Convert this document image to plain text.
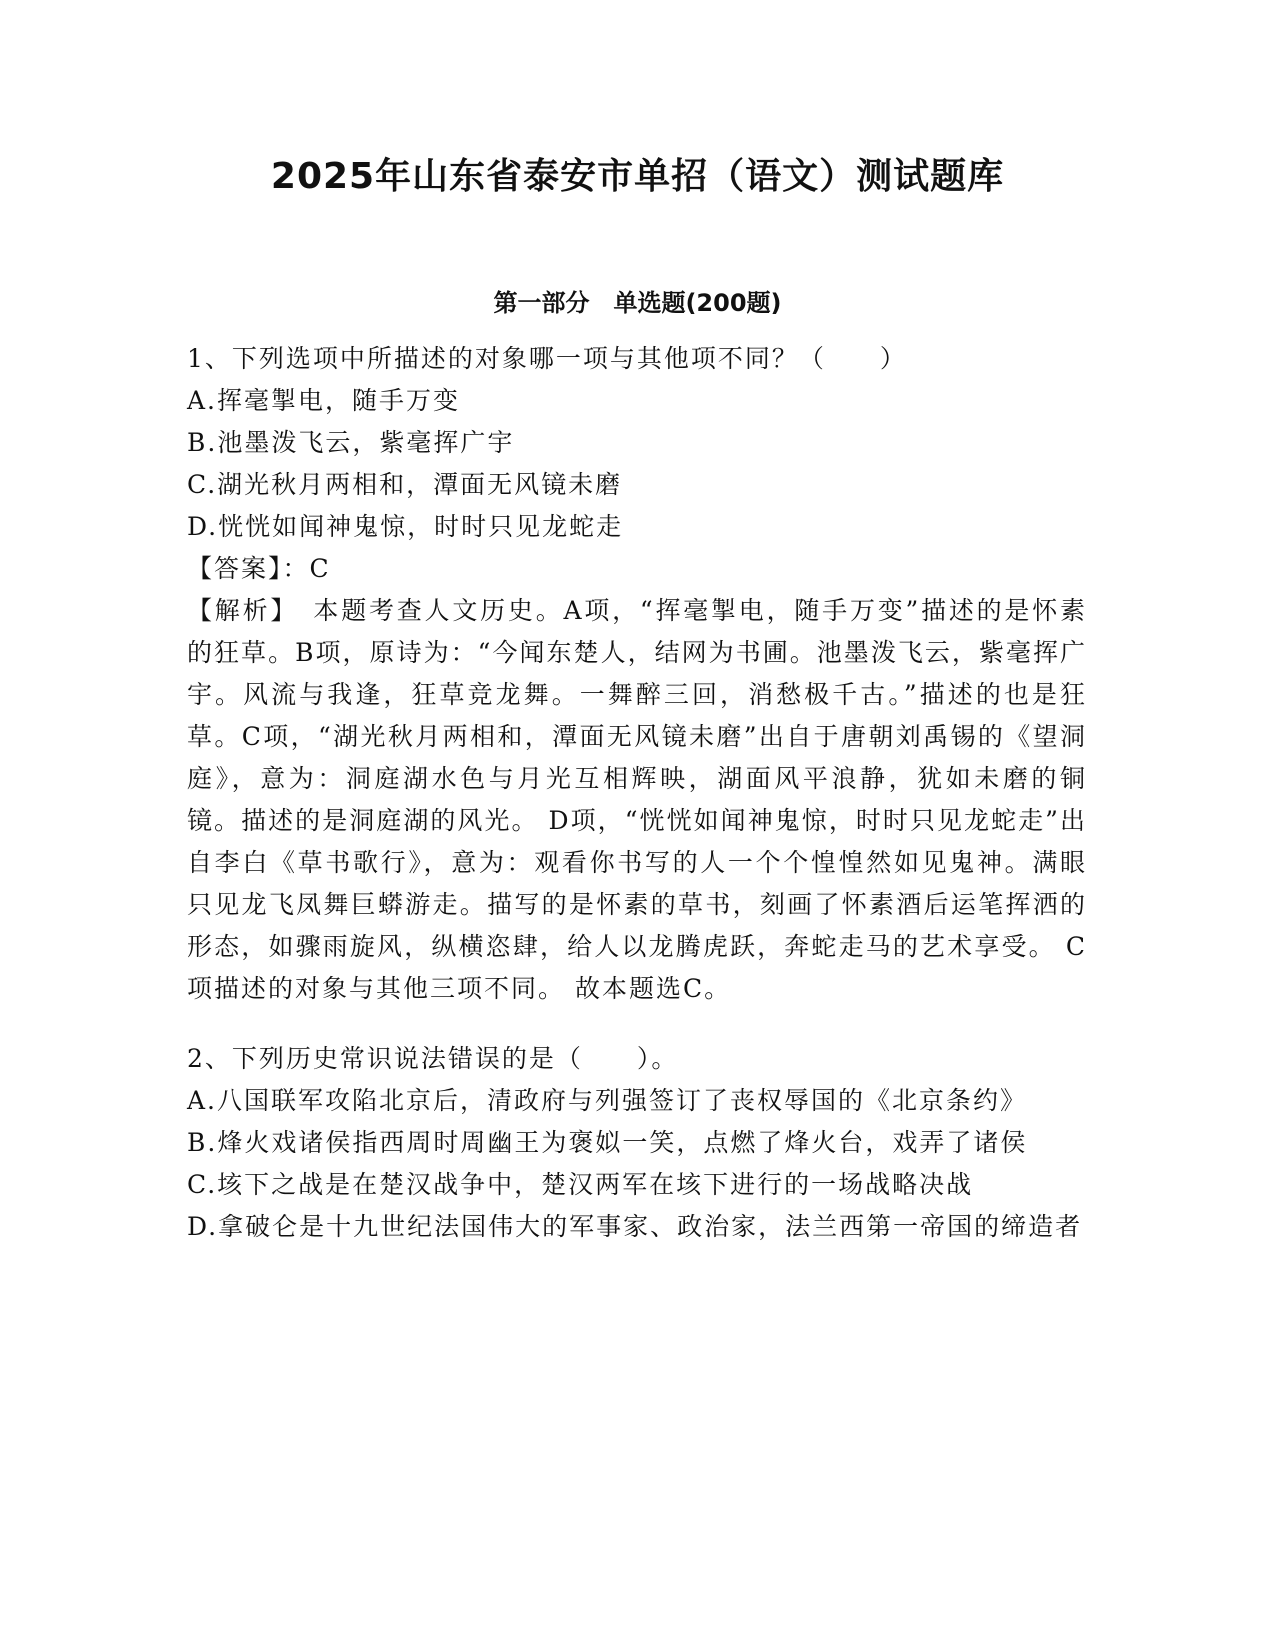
2025年山东省泰安市单招（语文）测试题库
第一部分　单选题(200题)

1、下列选项中所描述的对象哪一项与其他项不同？（　　）

A.挥毫掣电，随手万变

B.池墨泼飞云，紫毫挥广宇

C.湖光秋月两相和，潭面无风镜未磨

D.恍恍如闻神鬼惊，时时只见龙蛇走

【答案】：C

【解析】　本题考查人文历史。A项，“挥毫掣电，随手万变”描述的是怀素的狂草。B项，原诗为：“今闻东楚人，结网为书圃。池墨泼飞云，紫毫挥广宇。风流与我逢，狂草竞龙舞。一舞醉三回，消愁极千古。”描述的也是狂草。C项，“湖光秋月两相和，潭面无风镜未磨”出自于唐朝刘禹锡的《望洞庭》，意为：洞庭湖水色与月光互相辉映，湖面风平浪静，犹如未磨的铜镜。描述的是洞庭湖的风光。 D项，“恍恍如闻神鬼惊，时时只见龙蛇走”出自李白《草书歌行》，意为：观看你书写的人一个个惶惶然如见鬼神。满眼只见龙飞凤舞巨蟒游走。描写的是怀素的草书，刻画了怀素酒后运笔挥洒的形态，如骤雨旋风，纵横恣肆，给人以龙腾虎跃，奔蛇走马的艺术享受。 C项描述的对象与其他三项不同。 故本题选C。

2、下列历史常识说法错误的是（　　）。

A.八国联军攻陷北京后，清政府与列强签订了丧权辱国的《北京条约》

B.烽火戏诸侯指西周时周幽王为褒姒一笑，点燃了烽火台，戏弄了诸侯

C.垓下之战是在楚汉战争中，楚汉两军在垓下进行的一场战略决战

D.拿破仑是十九世纪法国伟大的军事家、政治家，法兰西第一帝国的缔造者
